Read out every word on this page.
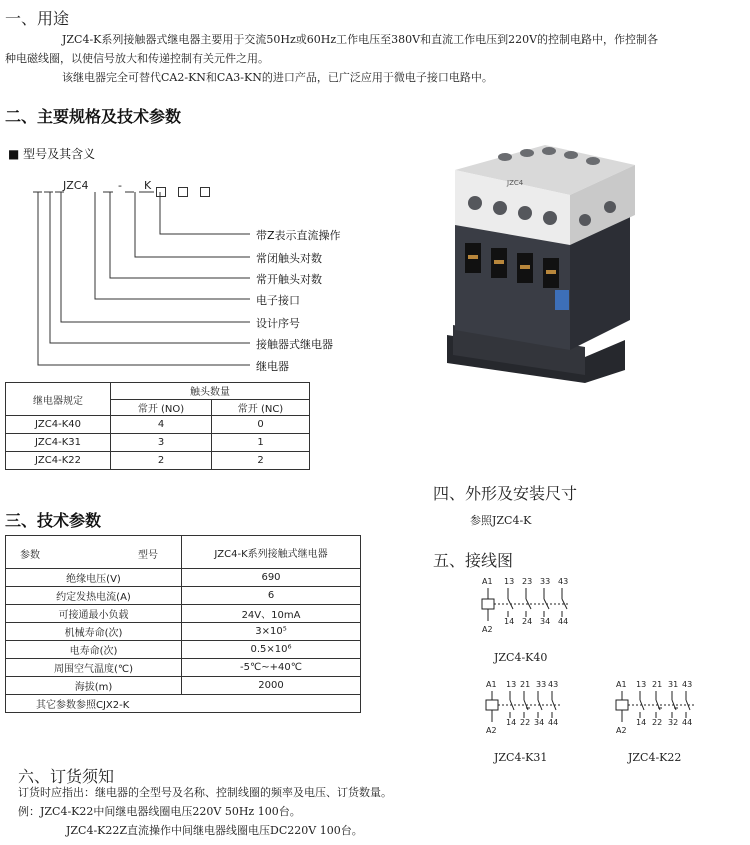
一、用途
JZC4-K系列接触器式继电器主要用于交流50Hz或60Hz工作电压至380V和直流工作电压到220V的控制电路中，作控制各
种电磁线圈，以使信号放大和传递控制有关元件之用。
该继电器完全可替代CA2-KN和CA3-KN的进口产品，已广泛应用于微电子接口电路中。
二、主要规格及技术参数
■ 型号及其含义
JZC4	- K
带Z表示直流操作
常闭触头对数
常开触头对数
电子接口
设计序号
接触器式继电器
继电器
继电器规定	触头数量	
	常开 (NO)	常开 (NC)
JZC4-K40	4	0
JZC4-K31	3	1
JZC4-K22	2	2
JZC4
三、技术参数
参数 型号	JZC4-K系列接触式继电器
绝缘电压(V)	690
约定发热电流(A)	6
可接通最小负载	24V、10mA
机械寿命(次)	3×10⁵
电寿命(次)	0.5×10⁶
周围空气温度(℃)	-5℃~+40℃
海拔(m)	2000
其它参数参照CJX2-K	
四、外形及安装尺寸
参照JZC4-K
五、接线图
A1
A2
13 23 33 43
14 24 34 44
JZC4-K40
A1
A2
13 21 33 43
14 22 34 44
JZC4-K31
A1
A2
13 21 31 43
14 22 32 44
JZC4-K22
六、订货须知
订货时应指出：继电器的全型号及名称、控制线圈的频率及电压、订货数量。
例：JZC4-K22中间继电器线圈电压220V 50Hz 100台。
JZC4-K22Z直流操作中间继电器线圈电压DC220V 100台。
